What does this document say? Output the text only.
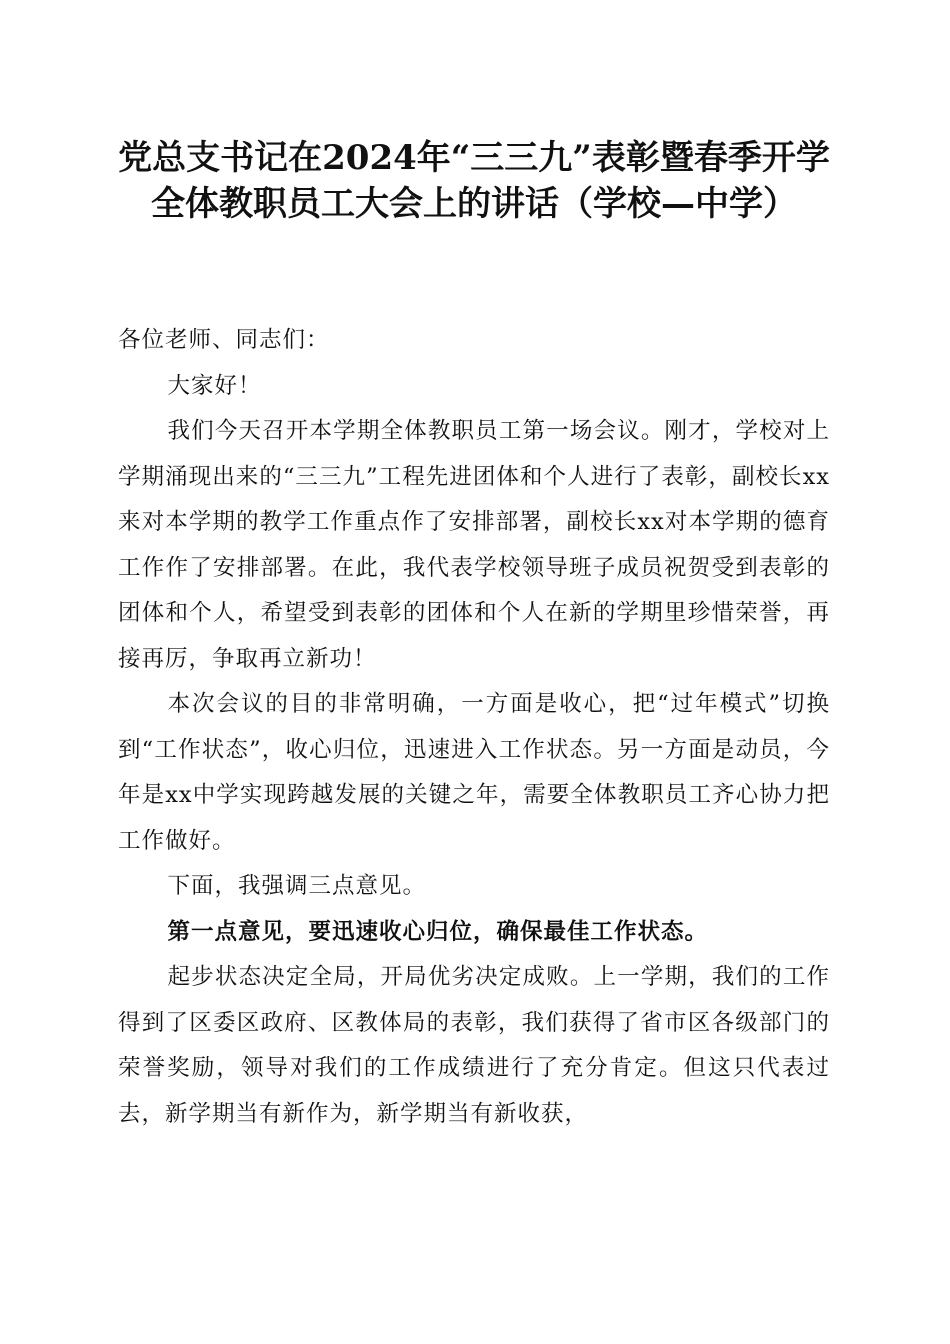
党总支书记在2024年“三三九”表彰暨春季开学全体教职员工大会上的讲话（学校—中学）

各位老师、同志们：

大家好！

我们今天召开本学期全体教职员工第一场会议。刚才，学校对上学期涌现出来的“三三九”工程先进团体和个人进行了表彰，副校长xx来对本学期的教学工作重点作了安排部署，副校长xx对本学期的德育工作作了安排部署。在此，我代表学校领导班子成员祝贺受到表彰的团体和个人，希望受到表彰的团体和个人在新的学期里珍惜荣誉，再接再厉，争取再立新功！

本次会议的目的非常明确，一方面是收心，把“过年模式”切换到“工作状态”，收心归位，迅速进入工作状态。另一方面是动员，今年是xx中学实现跨越发展的关键之年，需要全体教职员工齐心协力把工作做好。

下面，我强调三点意见。

第一点意见，要迅速收心归位，确保最佳工作状态。

起步状态决定全局，开局优劣决定成败。上一学期，我们的工作得到了区委区政府、区教体局的表彰，我们获得了省市区各级部门的荣誉奖励，领导对我们的工作成绩进行了充分肯定。但这只代表过去，新学期当有新作为，新学期当有新收获，
